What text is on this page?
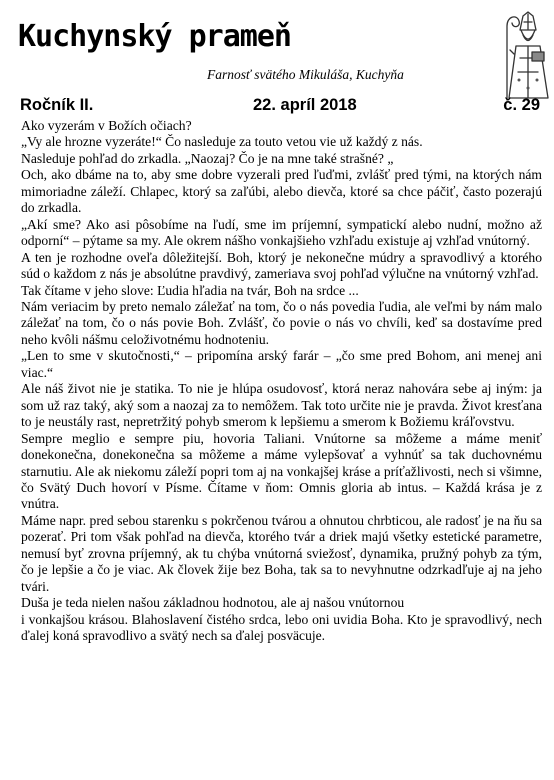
Kuchynský prameň
Farnosť svätého Mikuláša, Kuchyňa
Ročník II.	22. apríl 2018	č. 29

Ako vyzerám v Božích očiach?

„Vy ale hrozne vyzeráte!“ Čo nasleduje za touto vetou vie už každý z nás.

Nasleduje pohľad do zrkadla. „Naozaj? Čo je na mne také strašné? „

Och, ako dbáme na to, aby sme dobre vyzerali pred ľuďmi, zvlášť pred tými, na ktorých nám mimoriadne záleží. Chlapec, ktorý sa zaľúbi, alebo dievča, ktoré sa chce páčiť, často pozerajú do zrkadla.

„Akí sme? Ako asi pôsobíme na ľudí, sme im príjemní, sympatickí alebo nudní, možno až odporní“ – pýtame sa my. Ale okrem nášho vonkajšieho vzhľadu existuje aj vzhľad vnútorný.

A ten je rozhodne oveľa dôležitejší. Boh, ktorý je nekonečne múdry a spravodlivý a ktorého súd o každom z nás je absolútne pravdivý, zameriava svoj pohľad výlučne na vnútorný vzhľad.

Tak čítame v jeho slove: Ľudia hľadia na tvár, Boh na srdce ...

Nám veriacim by preto nemalo záležať na tom, čo o nás povedia ľudia, ale veľmi by nám malo záležať na tom, čo o nás povie Boh. Zvlášť, čo povie o nás vo chvíli, keď sa dostavíme pred neho kvôli nášmu celoživotnému hodnoteniu.

„Len to sme v skutočnosti,“ – pripomína arský farár – „čo sme pred Bohom, ani menej ani viac.“

Ale náš život nie je statika. To nie je hlúpa osudovosť, ktorá neraz nahovára sebe aj iným: ja som už raz taký, aký som a naozaj za to nemôžem. Tak toto určite nie je pravda. Život kresťana to je neustály rast, nepretržitý pohyb smerom k lepšiemu a smerom k Božiemu kráľovstvu.

Sempre meglio e sempre piu, hovoria Taliani. Vnútorne sa môžeme a máme meniť donekonečna, donekonečna sa môžeme a máme vylepšovať a vyhnúť sa tak duchovnému starnutiu. Ale ak niekomu záleží popri tom aj na vonkajšej kráse a príťažlivosti, nech si všimne, čo Svätý Duch hovorí v Písme. Čítame v ňom: Omnis gloria ab intus. – Každá krása je z vnútra.

Máme napr. pred sebou starenku s pokrčenou tvárou a ohnutou chrbticou, ale radosť je na ňu sa pozerať. Pri tom však pohľad na dievča, ktorého tvár a driek majú všetky estetické parametre, nemusí byť zrovna príjemný, ak tu chýba vnútorná sviežosť, dynamika, pružný pohyb za tým, čo je lepšie a čo je viac. Ak človek žije bez Boha, tak sa to nevyhnutne odzrkadľuje aj na jeho tvári.

Duša je teda nielen našou základnou hodnotou, ale aj našou vnútornou

i vonkajšou krásou. Blahoslavení čistého srdca, lebo oni uvidia Boha. Kto je spravodlivý, nech ďalej koná spravodlivo a svätý nech sa ďalej posväcuje.
